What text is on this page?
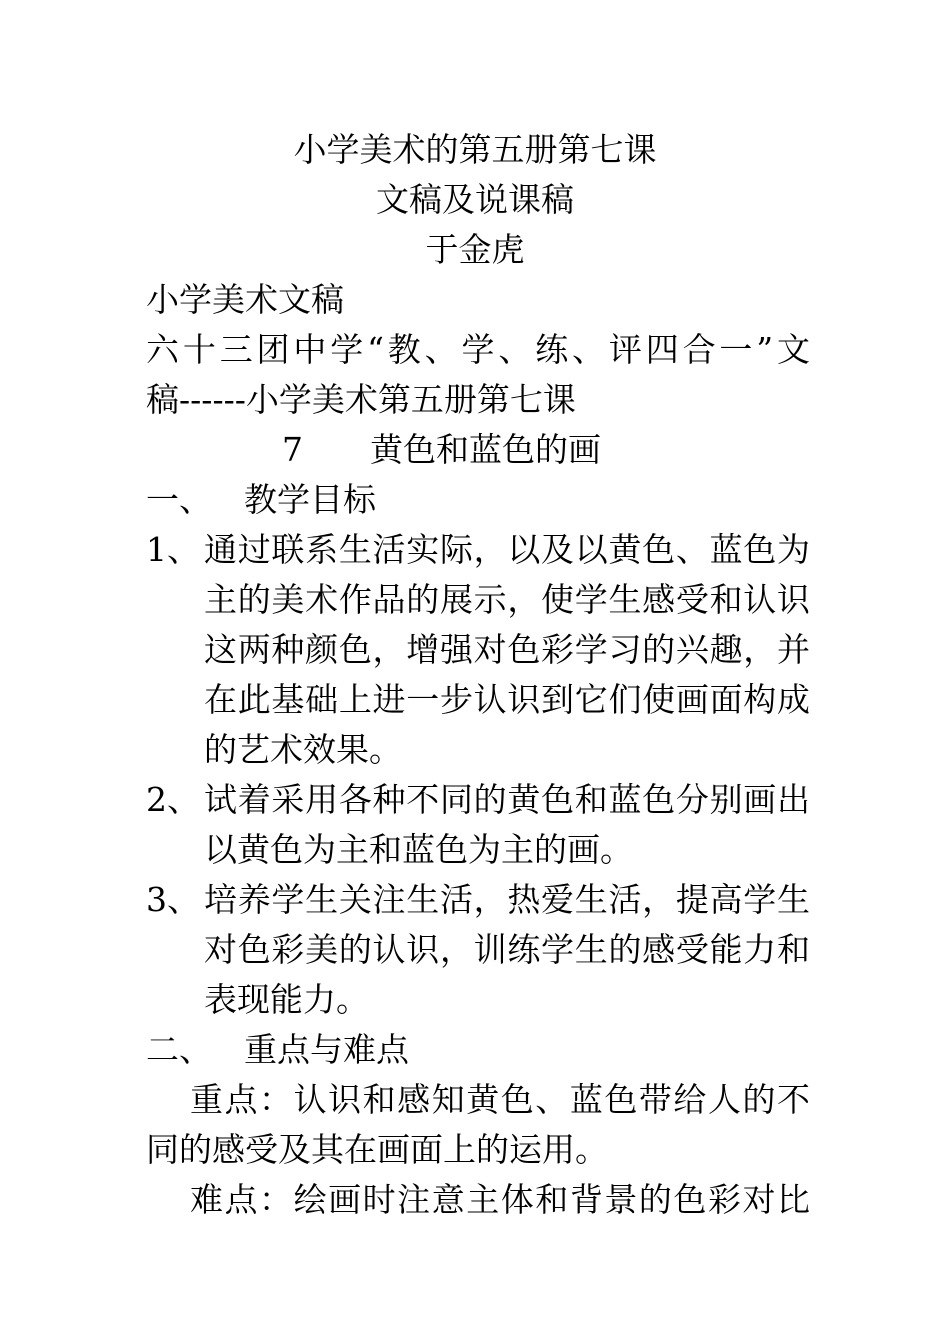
小学美术的第五册第七课
文稿及说课稿
于金虎
小学美术文稿
六十三团中学“教、学、练、评四合一”文
稿------小学美术第五册第七课
7 黄色和蓝色的画
一、 教学目标
1、 通过联系生活实际，以及以黄色、蓝色为主的美术作品的展示，使学生感受和认识这两种颜色，增强对色彩学习的兴趣，并在此基础上进一步认识到它们使画面构成的艺术效果。
2、 试着采用各种不同的黄色和蓝色分别画出以黄色为主和蓝色为主的画。
3、 培养学生关注生活，热爱生活，提高学生对色彩美的认识，训练学生的感受能力和表现能力。
二、 重点与难点
重点：认识和感知黄色、蓝色带给人的不同的感受及其在画面上的运用。
难点：绘画时注意主体和背景的色彩对比
